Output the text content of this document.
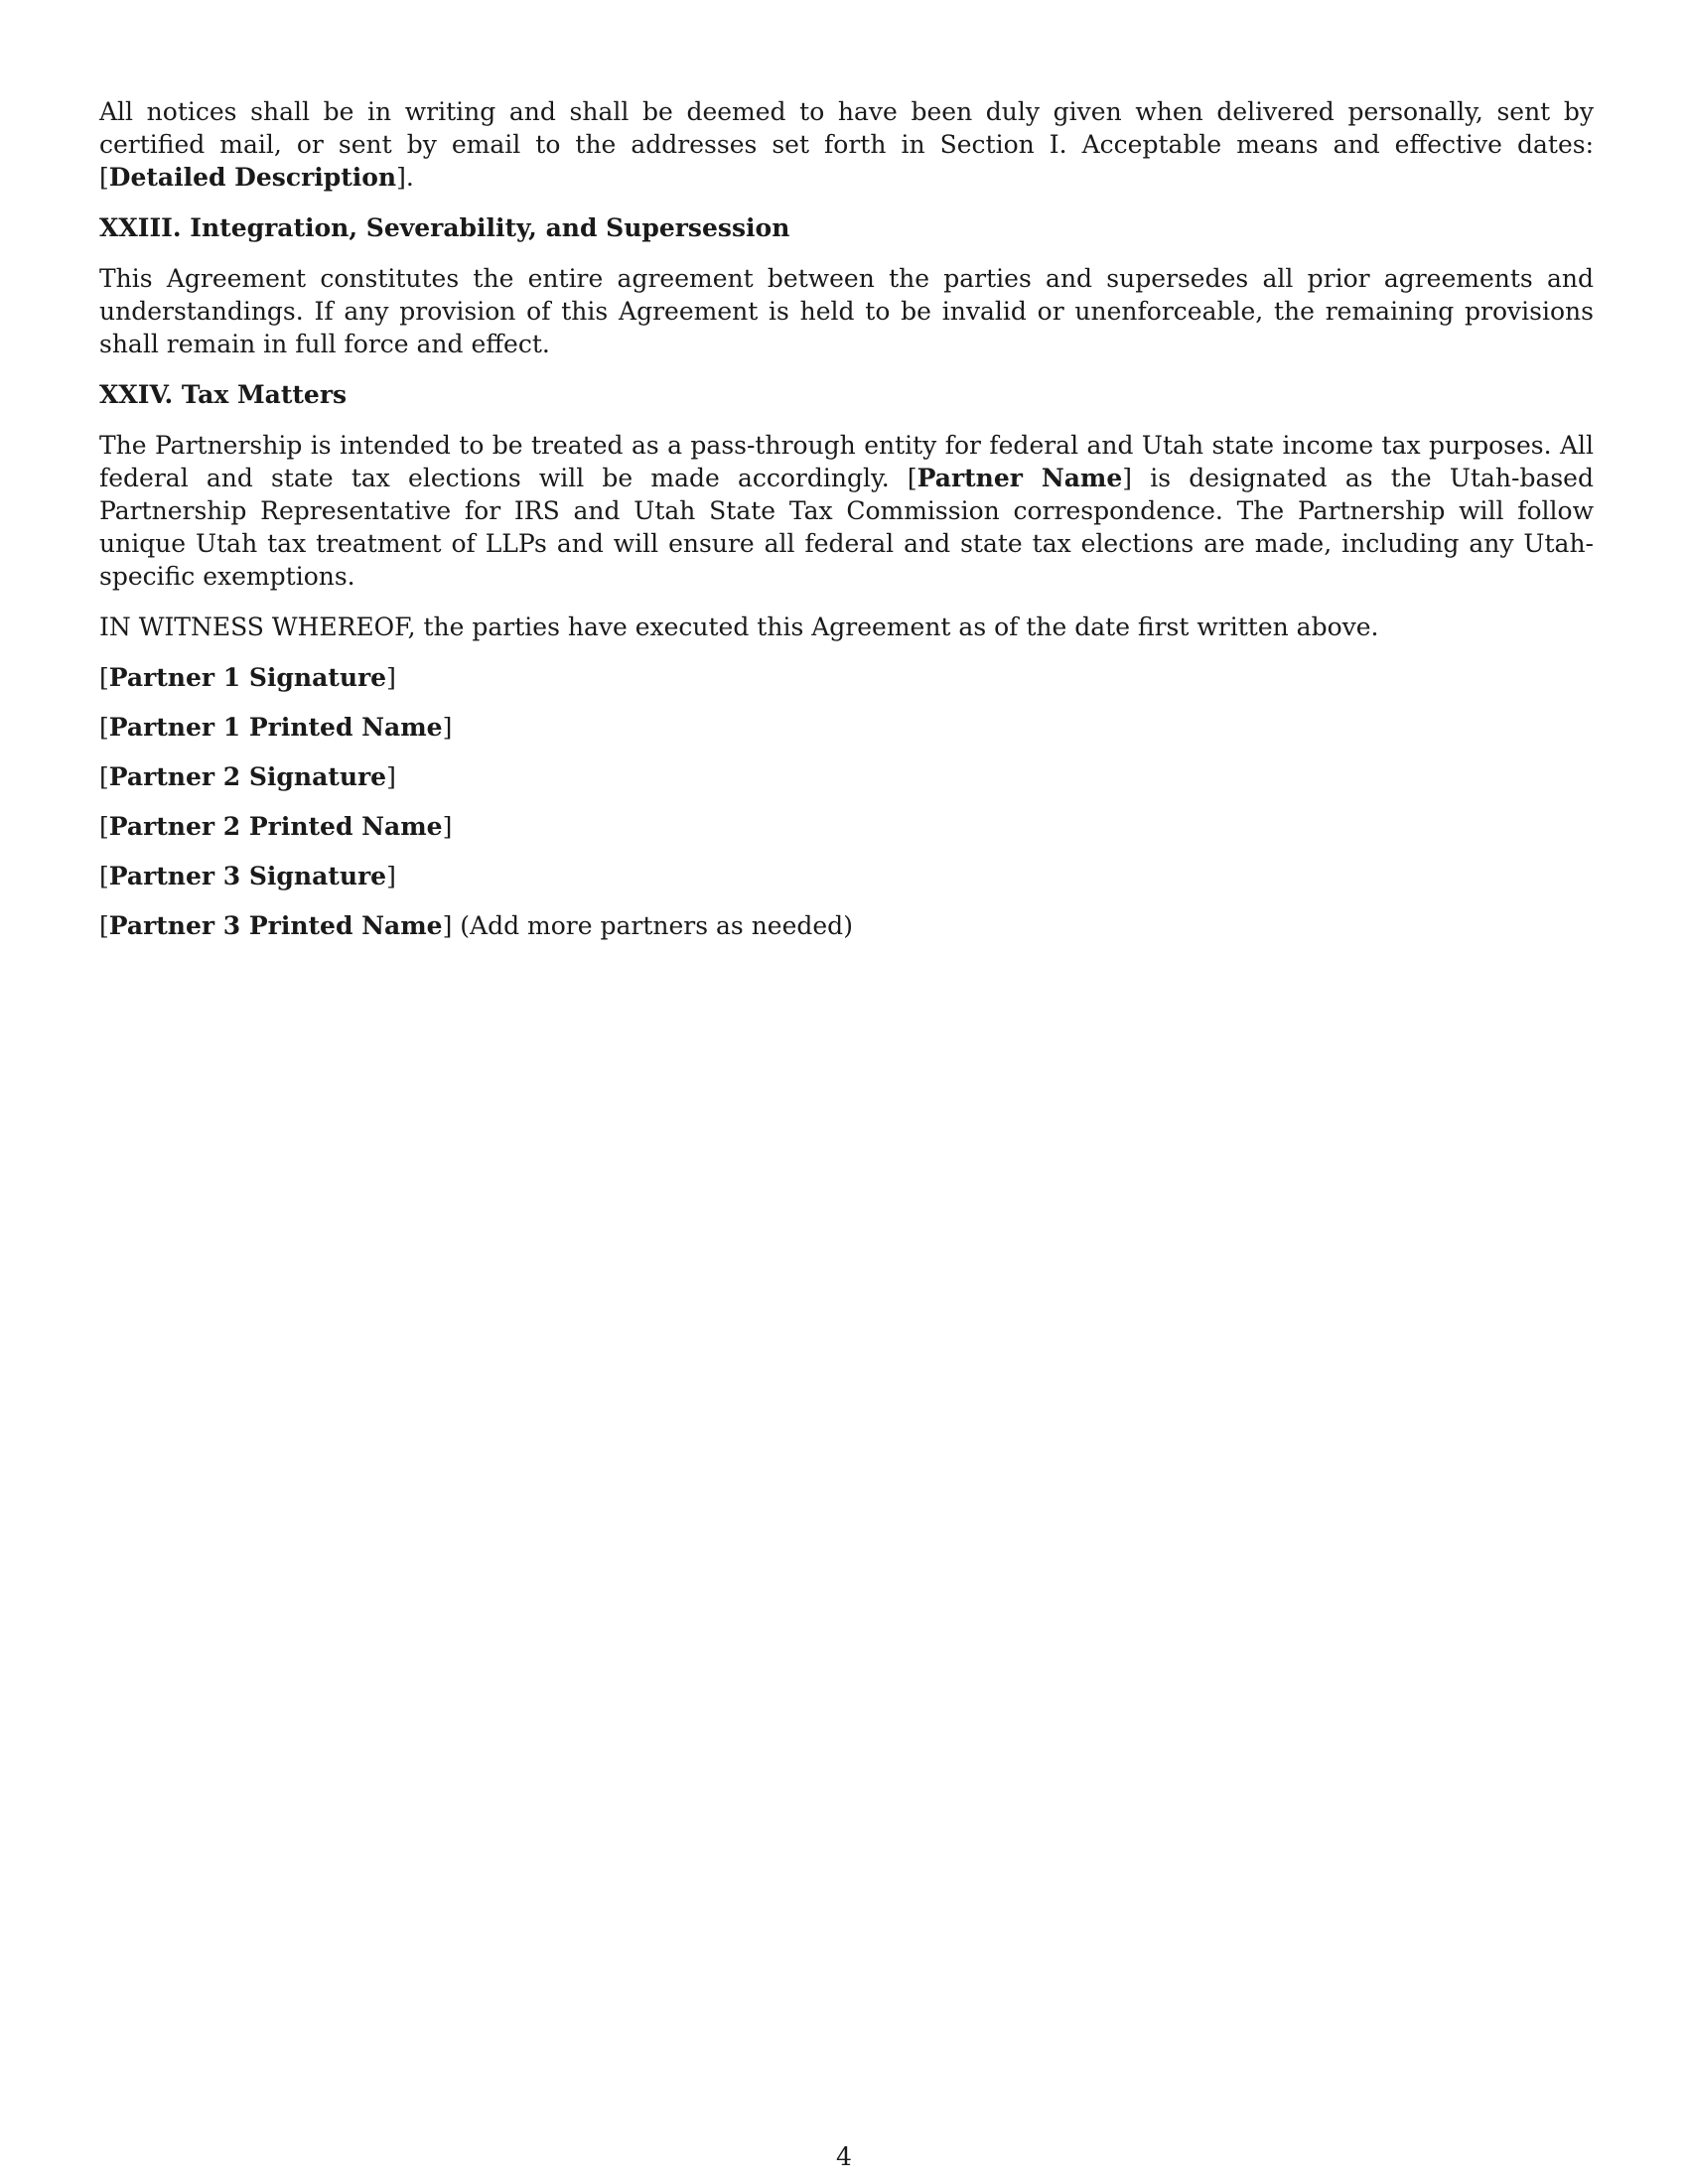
All notices shall be in writing and shall be deemed to have been duly given when delivered personally, sent by certified mail, or sent by email to the addresses set forth in Section I. Acceptable means and effective dates: [Detailed Description].

XXIII. Integration, Severability, and Supersession

This Agreement constitutes the entire agreement between the parties and supersedes all prior agreements and understandings. If any provision of this Agreement is held to be invalid or unenforceable, the remaining provisions shall remain in full force and effect.

XXIV. Tax Matters

The Partnership is intended to be treated as a pass-through entity for federal and Utah state income tax purposes. All federal and state tax elections will be made accordingly. [Partner Name] is designated as the Utah-based Partnership Representative for IRS and Utah State Tax Commission correspondence. The Partnership will follow unique Utah tax treatment of LLPs and will ensure all federal and state tax elections are made, including any Utah-specific exemptions.

IN WITNESS WHEREOF, the parties have executed this Agreement as of the date first written above.

[Partner 1 Signature]
[Partner 1 Printed Name]
[Partner 2 Signature]
[Partner 2 Printed Name]
[Partner 3 Signature]
[Partner 3 Printed Name] (Add more partners as needed)
4
